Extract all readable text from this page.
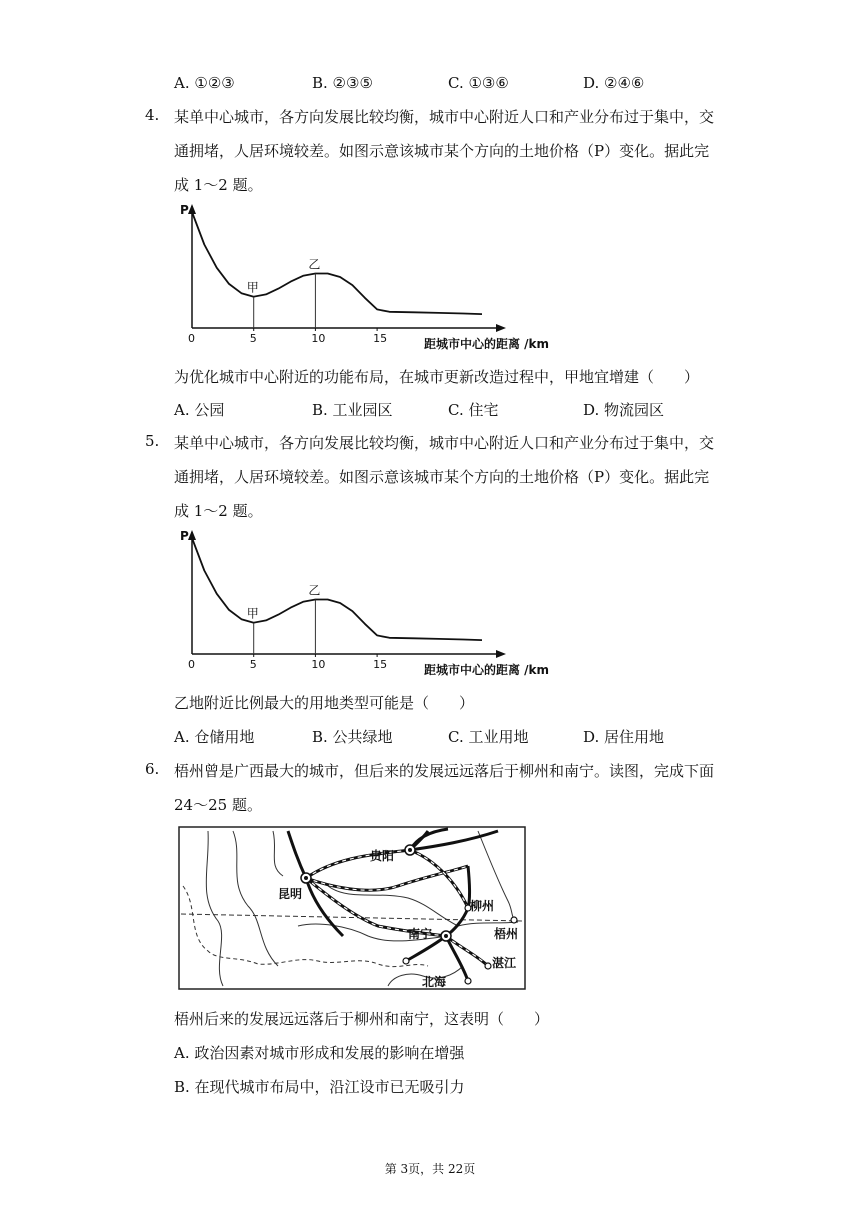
A. ①②③	B. ②③⑤	C. ①③⑥	D. ②④⑥
4. 某单中心城市，各方向发展比较均衡，城市中心附近人口和产业分布过于集中，交
通拥堵，人居环境较差。如图示意该城市某个方向的土地价格（P）变化。据此完
成 1～2 题。
P
0	5	10	15	距城市中心的距离 /km
甲
乙
为优化城市中心附近的功能布局，在城市更新改造过程中，甲地宜增建（　　）
A. 公园	B. 工业园区	C. 住宅	D. 物流园区
5. 某单中心城市，各方向发展比较均衡，城市中心附近人口和产业分布过于集中，交
通拥堵，人居环境较差。如图示意该城市某个方向的土地价格（P）变化。据此完
成 1～2 题。
P
0	5	10	15	距城市中心的距离 /km
甲
乙
乙地附近比例最大的用地类型可能是（　　）
A. 仓储用地	B. 公共绿地	C. 工业用地	D. 居住用地
6. 梧州曾是广西最大的城市，但后来的发展远远落后于柳州和南宁。读图，完成下面
24～25 题。
贵阳
昆明
柳州
南宁	梧州
湛江
北海
梧州后来的发展远远落后于柳州和南宁，这表明（　　）
A. 政治因素对城市形成和发展的影响在增强
B. 在现代城市布局中，沿江设市已无吸引力
第 3页，共 22页
